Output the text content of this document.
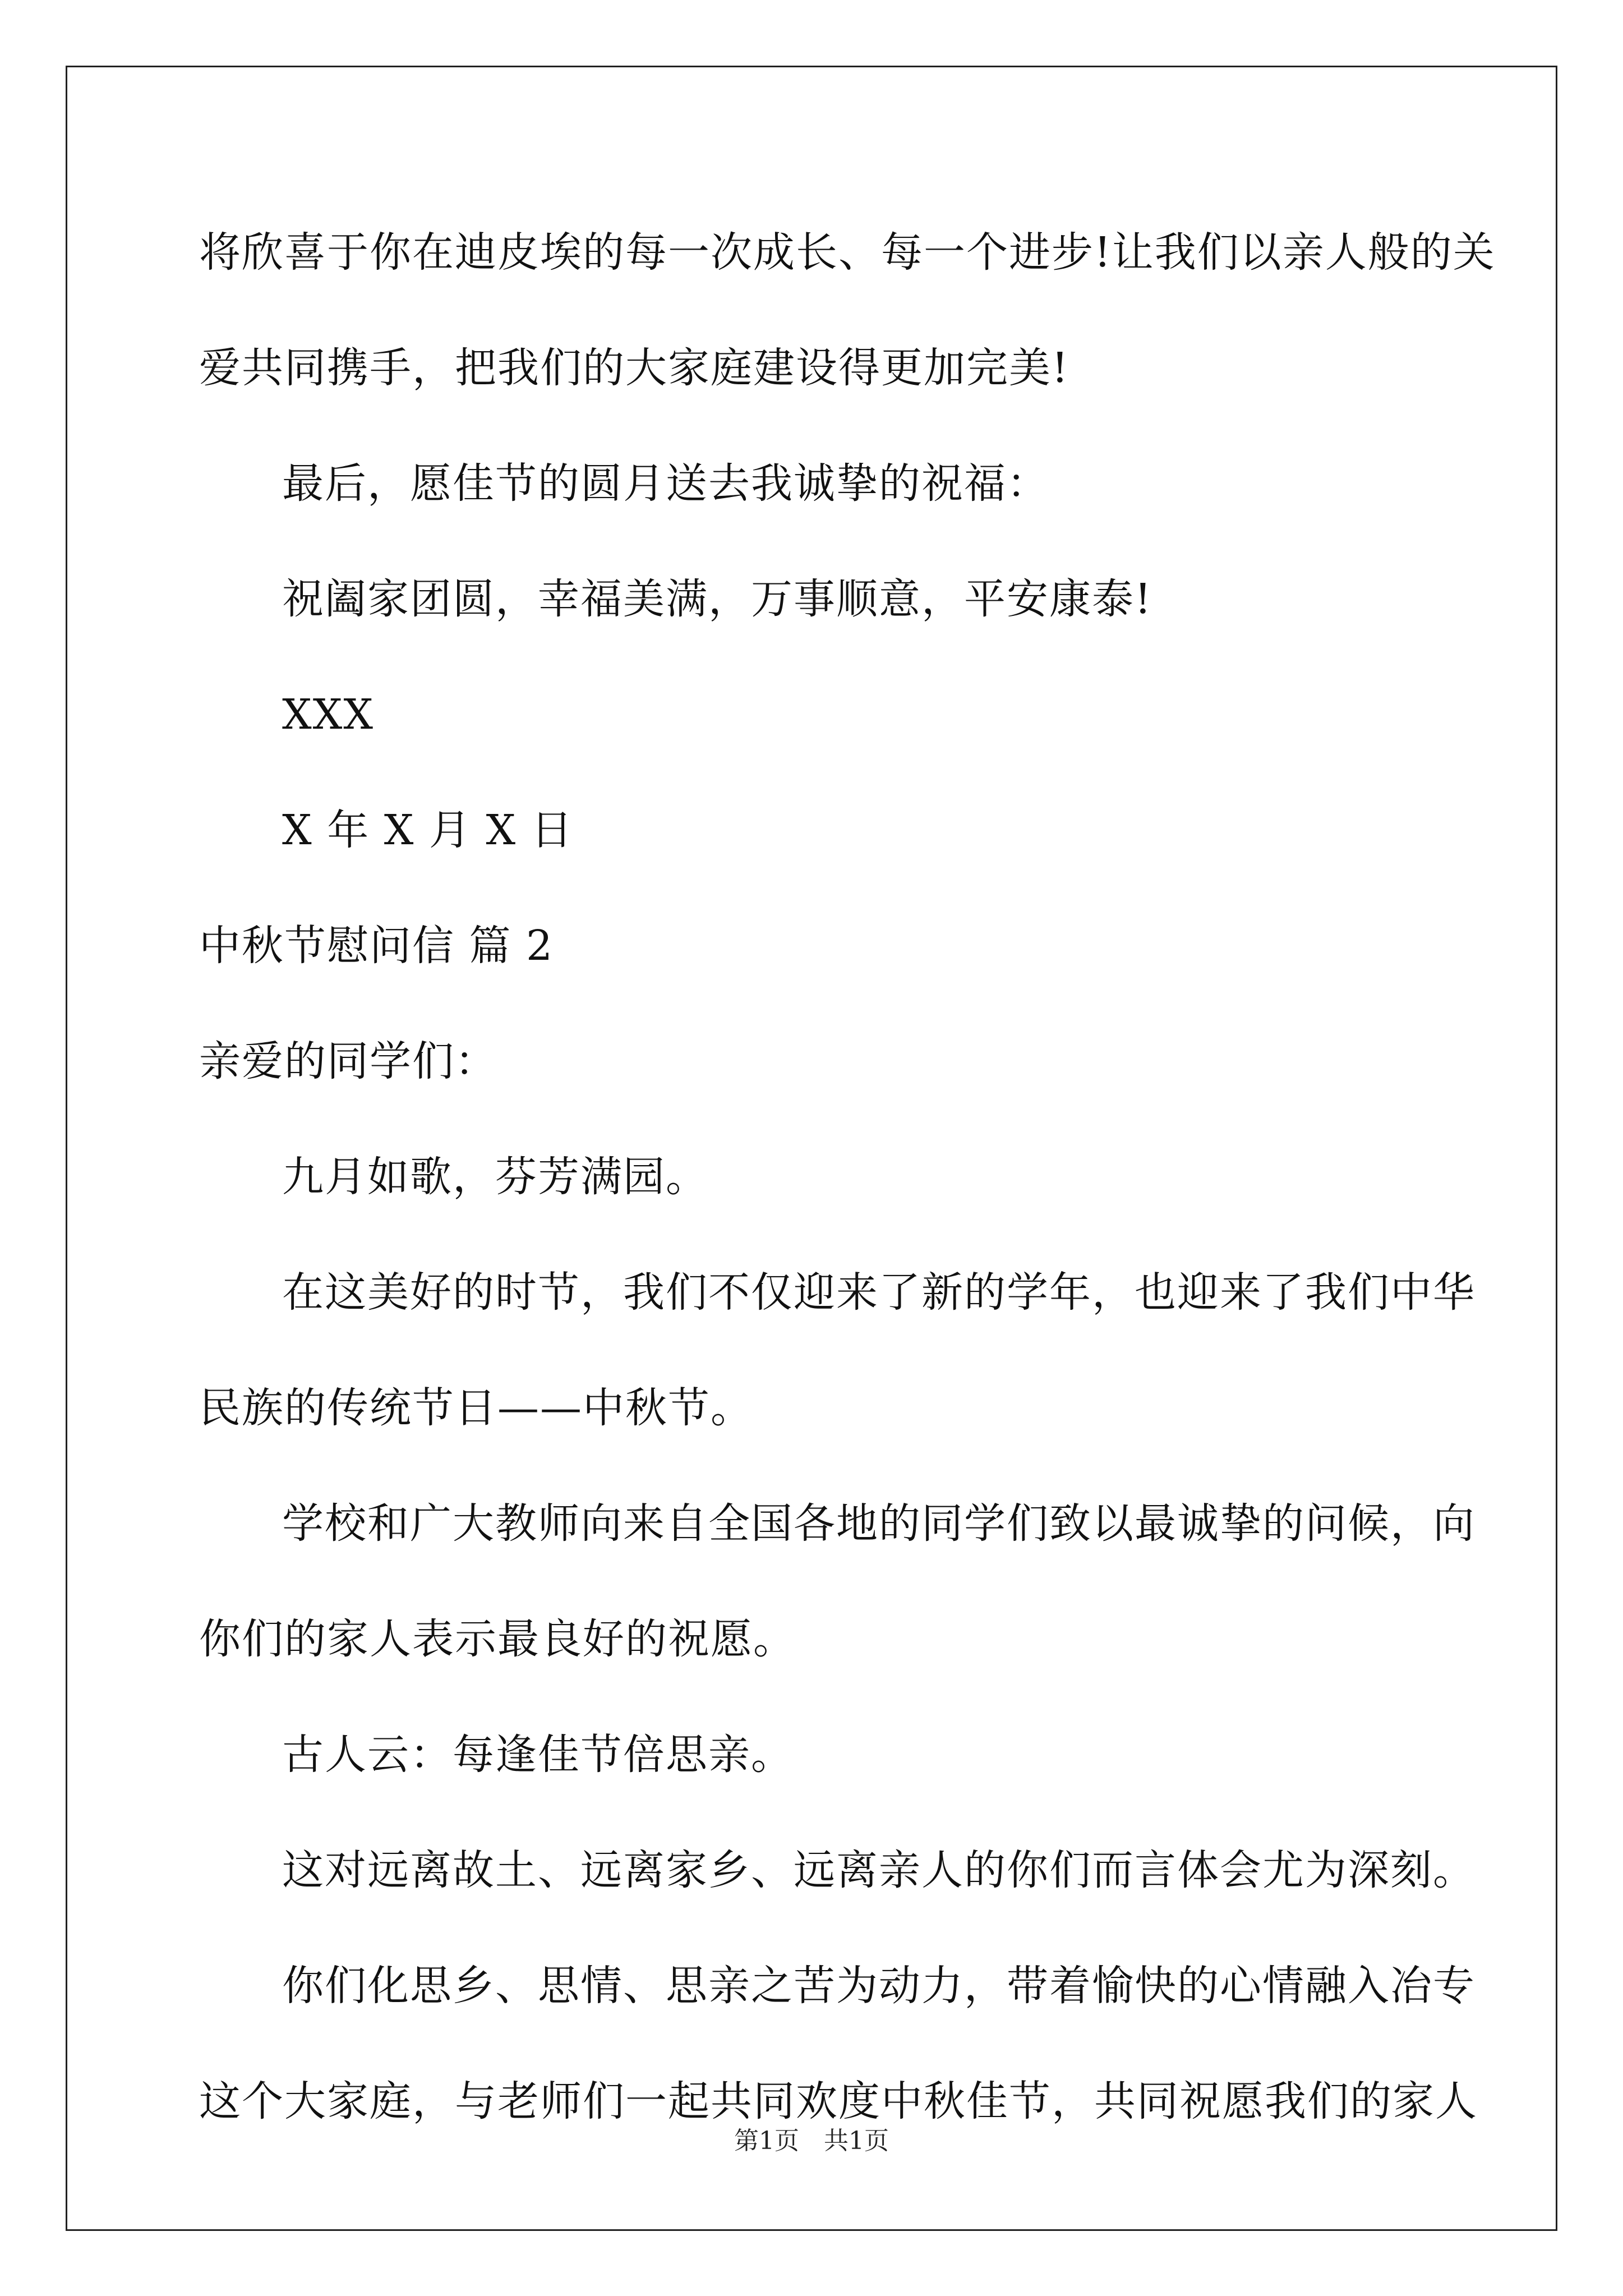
将欣喜于你在迪皮埃的每一次成长、每一个进步!让我们以亲人般的关
爱共同携手，把我们的大家庭建设得更加完美!
最后，愿佳节的圆月送去我诚挚的祝福：
祝阖家团圆，幸福美满，万事顺意，平安康泰!
XXX
X 年 X 月 X 日
中秋节慰问信 篇 2
亲爱的同学们：
九月如歌，芬芳满园。
在这美好的时节，我们不仅迎来了新的学年，也迎来了我们中华
民族的传统节日——中秋节。
学校和广大教师向来自全国各地的同学们致以最诚挚的问候，向
你们的家人表示最良好的祝愿。
古人云：每逢佳节倍思亲。
这对远离故土、远离家乡、远离亲人的你们而言体会尤为深刻。
你们化思乡、思情、思亲之苦为动力，带着愉快的心情融入冶专
这个大家庭，与老师们一起共同欢度中秋佳节，共同祝愿我们的家人
第1页　共1页
